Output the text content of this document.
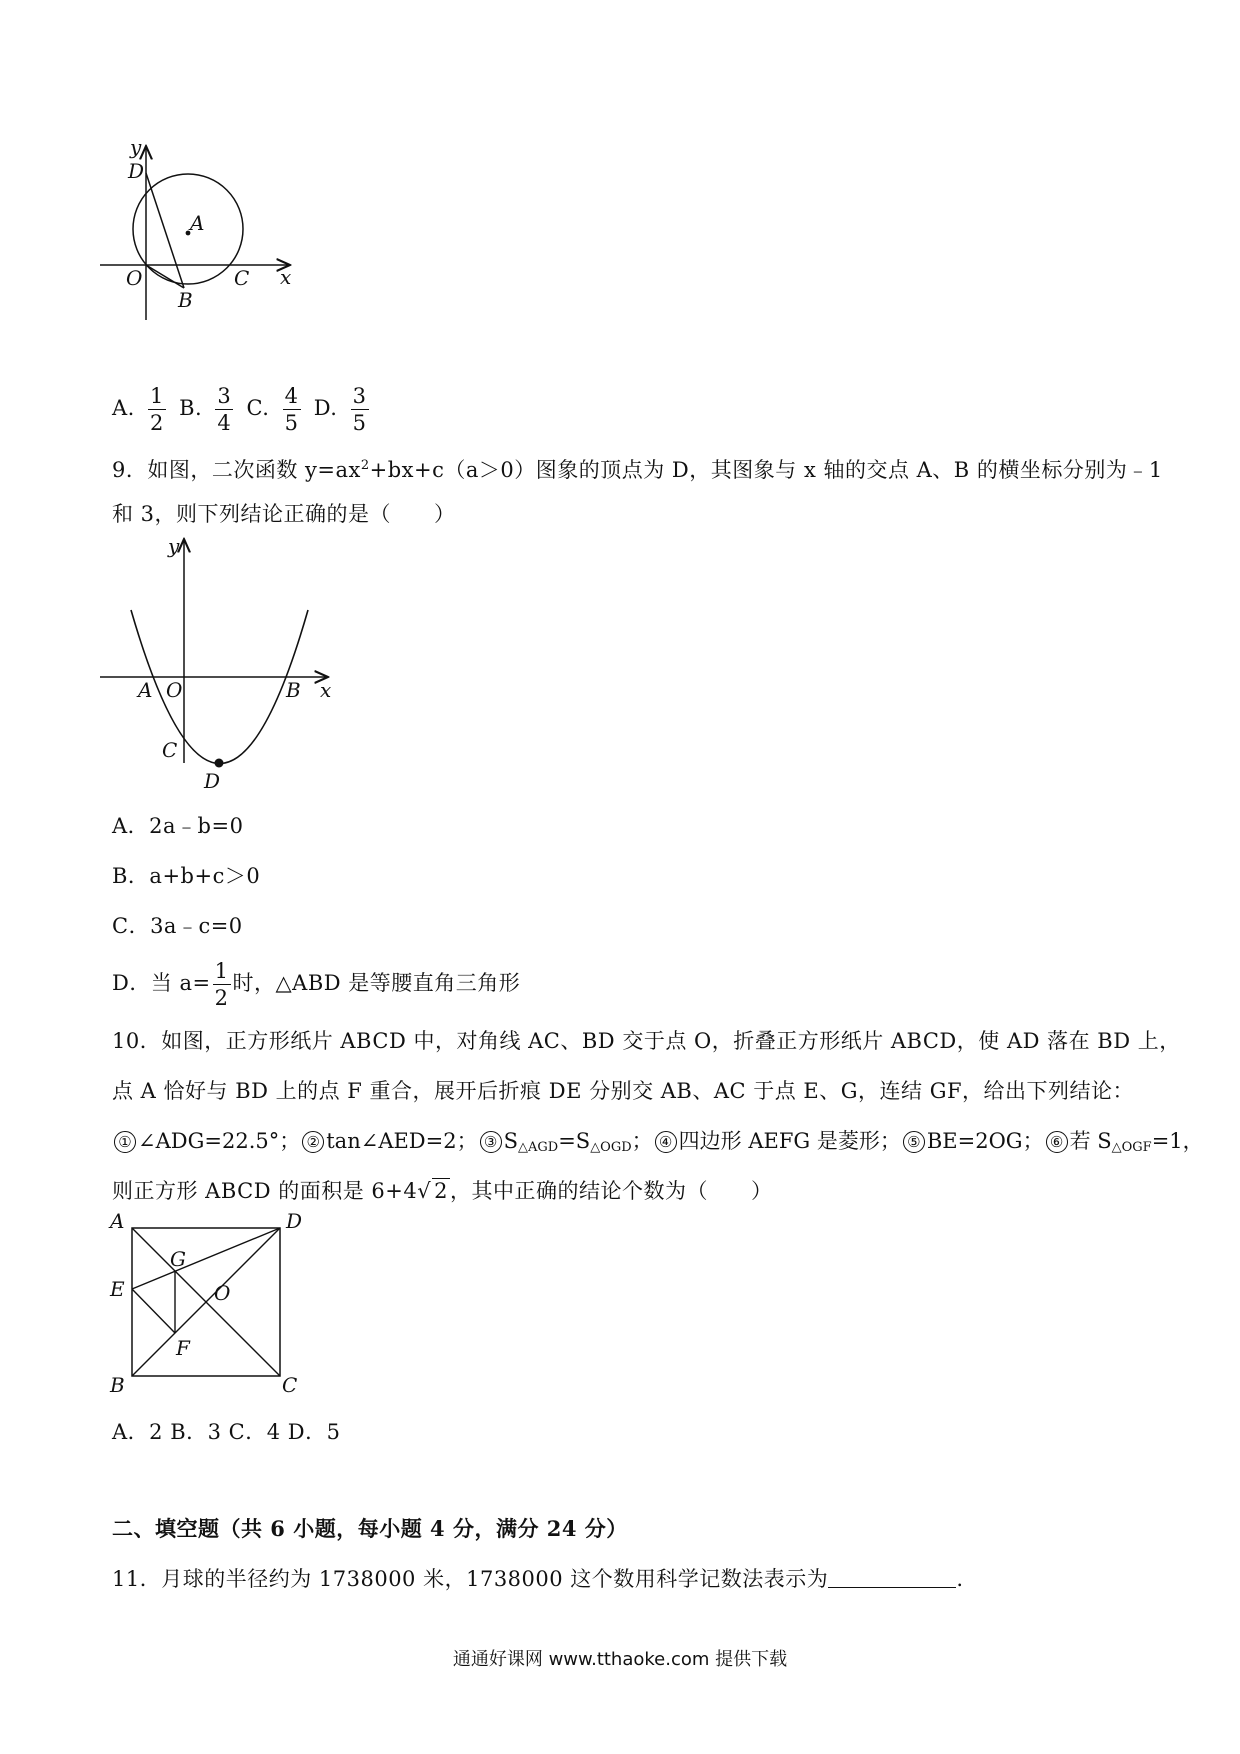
y
x
D
A
O	C
B
A. $\frac{1}{2} B$. $\frac{3}{4} C$. $\frac{4}{5} D$. $\frac{3}{5}$
9．如图，二次函数 $y=ax^2+bx+c(a>0)$图象的顶点为 D，其图象与 x 轴的交点 A、B 的横坐标分别为﹣1
和 3，则下列结论正确的是（　　）
y
x
A O	B
C
D
A．2a﹣b=0
B．a+b+c＞0
C．3a﹣c=0
D．当 $a= \frac{1}{2}$ 时，△ABD 是等腰直角三角形
10．如图，正方形纸片 ABCD 中，对角线 AC、BD 交于点 O，折叠正方形纸片 ABCD，使 AD 落在 BD 上，
点 A 恰好与 BD 上的点 F 重合，展开后折痕 DE 分别交 AB、AC 于点 E、G，连结 GF，给出下列结论：
① ∠ADG=22.5°； ② tan∠AED=2； ③ $S_{\triangle AGD}=S_{\triangle OGD}$； ④ 四边形 AEFG 是菱形； ⑤ BE=2OG； ⑥ 若 $S_{\triangle OGF}=1$，
则正方形 ABCD 的面积是 6+4√ 2，其中正确的结论个数为（　　）
A	D
G
E	O
F
B	C
A．2 B．3 C．4 D．5
二、填空题（共 6 小题，每小题 4 分，满分 24 分）
11．月球的半径约为 1738000 米，1738000 这个数用科学记数法表示为	.
通通好课网 www.tthaoke.com 提供下载
